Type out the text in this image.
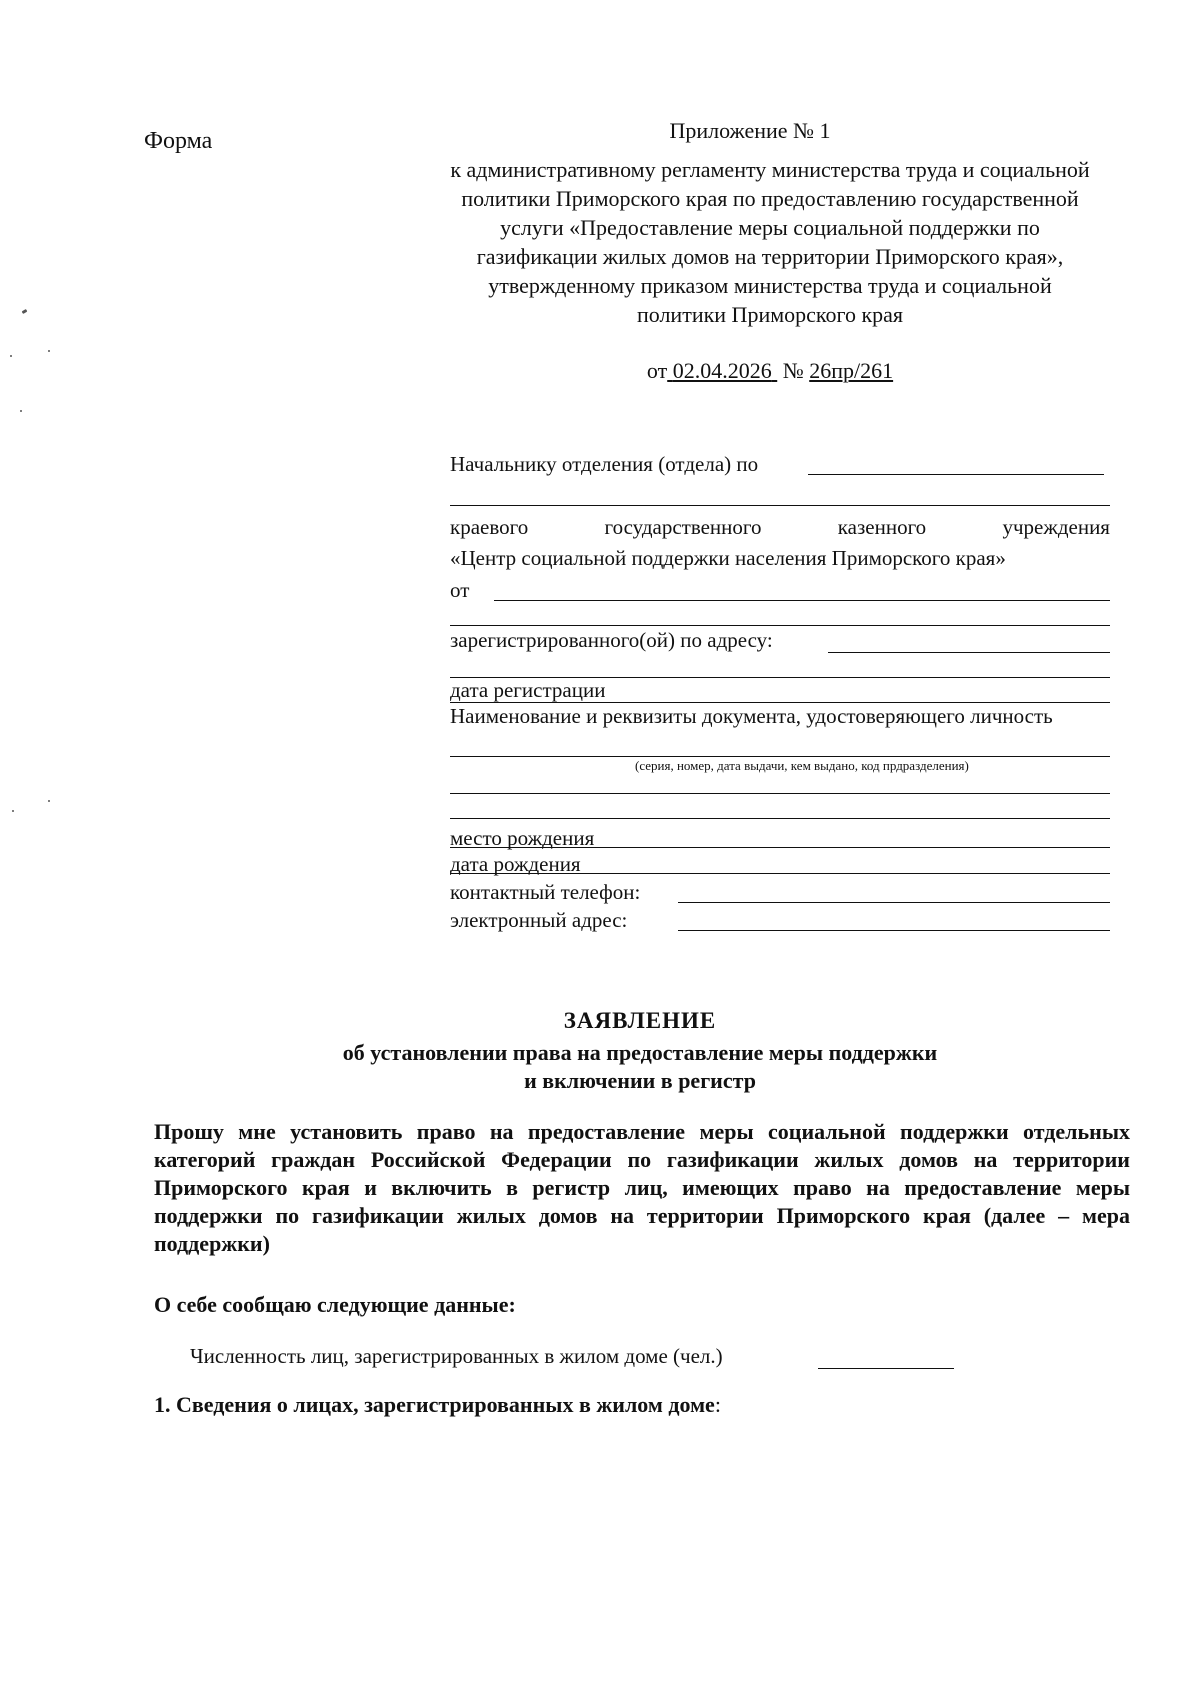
Форма	Приложение № 1
к административному регламенту министерства труда и социальной политики Приморского края по предоставлению государственной услуги «Предоставление меры социальной поддержки по газификации жилых домов на территории Приморского края», утвержденному приказом министерства труда и социальной политики Приморского края
от 02.04.2026 № 26пр/261
Начальнику отделения (отдела) по
краевого	государственного	казенного	учреждения
«Центр социальной поддержки населения Приморского края»
от
зарегистрированного(ой) по адресу:
дата регистрации
Наименование и реквизиты документа, удостоверяющего личность
(серия, номер, дата выдачи, кем выдано, код прдразделения)
место рождения
дата рождения
контактный телефон:
электронный адрес:
ЗАЯВЛЕНИЕ
об установлении права на предоставление меры поддержки
и включении в регистр
Прошу мне установить право на предоставление меры социальной поддержки отдельных категорий граждан Российской Федерации по газификации жилых домов на территории Приморского края и включить в регистр лиц, имеющих право на предоставление меры поддержки по газификации жилых домов на территории Приморского края (далее – мера поддержки)
О себе сообщаю следующие данные:
Численность лиц, зарегистрированных в жилом доме (чел.)
1. Сведения о лицах, зарегистрированных в жилом доме:
